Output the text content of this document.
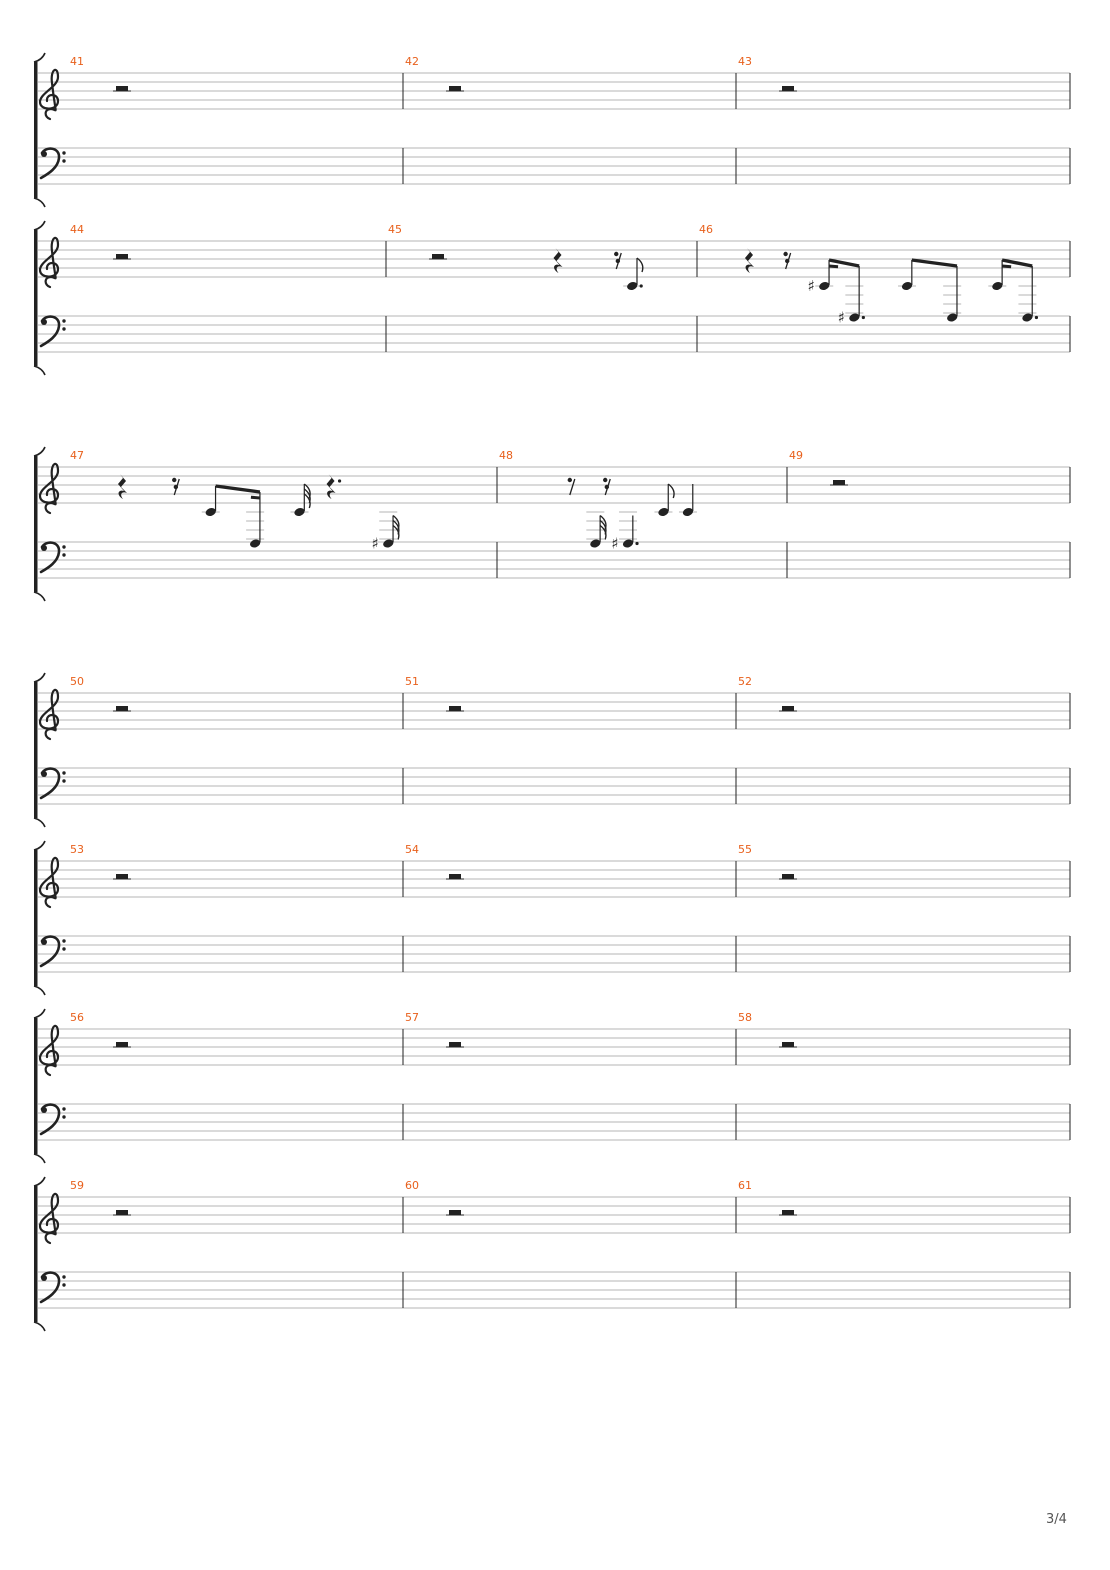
41	42	43
44	45	46
♯
♯
47
♯
48
♯
49
50	51	52
53	54	55
56	57	58
59	60	61
3/4
